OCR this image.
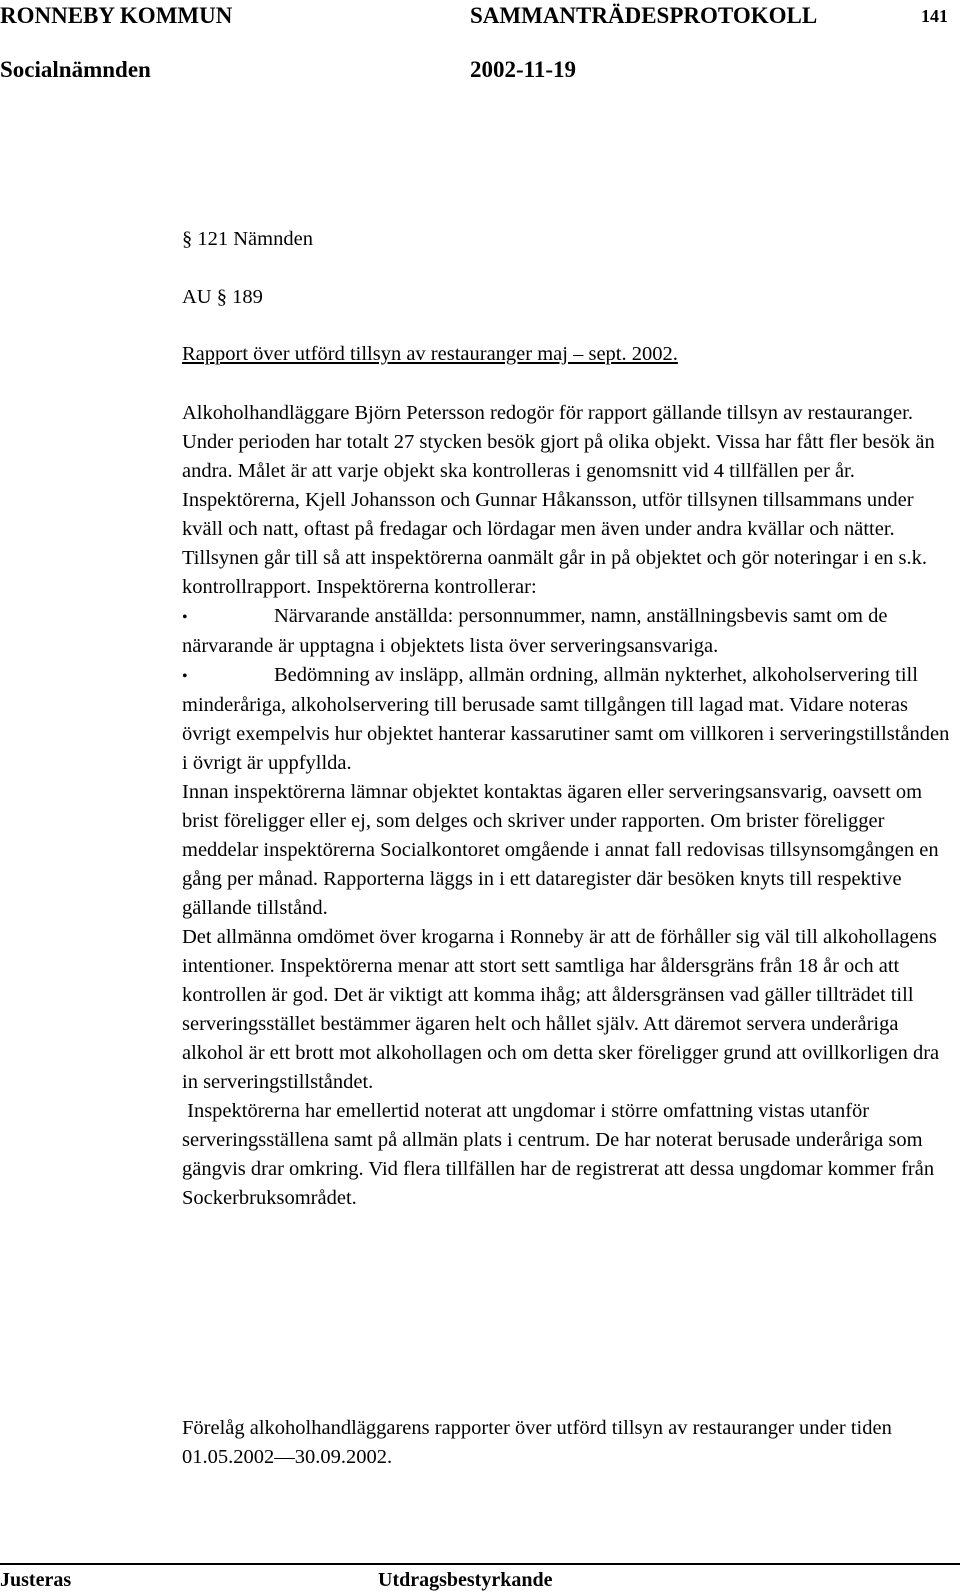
RONNEBY KOMMUN	SAMMANTRÄDESPROTOKOLL	141
Socialnämnden	2002-11-19
§ 121 Nämnden
AU § 189
Rapport över utförd tillsyn av restauranger maj – sept. 2002.

Alkoholhandläggare Björn Petersson redogör för rapport gällande tillsyn av restauranger.

Under perioden har totalt 27 stycken besök gjort på olika objekt. Vissa har fått fler besök än andra. Målet är att varje objekt ska kontrolleras i genomsnitt vid 4 tillfällen per år. Inspektörerna, Kjell Johansson och Gunnar Håkansson, utför tillsynen tillsammans under kväll och natt, oftast på fredagar och lördagar men även under andra kvällar och nätter. Tillsynen går till så att inspektörerna oanmält går in på objektet och gör noteringar i en s.k. kontrollrapport. Inspektörerna kontrollerar:

•	Närvarande anställda: personnummer, namn, anställningsbevis samt om de närvarande är upptagna i objektets lista över serveringsansvariga.

•	Bedömning av insläpp, allmän ordning, allmän nykterhet, alkoholservering till minderåriga, alkoholservering till berusade samt tillgången till lagad mat. Vidare noteras övrigt exempelvis hur objektet hanterar kassarutiner samt om villkoren i serveringstillstånden i övrigt är uppfyllda.

Innan inspektörerna lämnar objektet kontaktas ägaren eller serveringsansvarig, oavsett om brist föreligger eller ej, som delges och skriver under rapporten. Om brister föreligger meddelar inspektörerna Socialkontoret omgående i annat fall redovisas tillsynsomgången en gång per månad. Rapporterna läggs in i ett dataregister där besöken knyts till respektive gällande tillstånd.

Det allmänna omdömet över krogarna i Ronneby är att de förhåller sig väl till alkohollagens intentioner. Inspektörerna menar att stort sett samtliga har åldersgräns från 18 år och att kontrollen är god. Det är viktigt att komma ihåg; att åldersgränsen vad gäller tillträdet till serveringsstället bestämmer ägaren helt och hållet själv. Att däremot servera underåriga alkohol är ett brott mot alkohollagen och om detta sker föreligger grund att ovillkorligen dra in serveringstillståndet.

Inspektörerna har emellertid noterat att ungdomar i större omfattning vistas utanför serveringsställena samt på allmän plats i centrum. De har noterat berusade underåriga som gängvis drar omkring. Vid flera tillfällen har de registrerat att dessa ungdomar kommer från Sockerbruksområdet.

Förelåg alkoholhandläggarens rapporter över utförd tillsyn av restauranger under tiden 01.05.2002—30.09.2002.
Justeras	Utdragsbestyrkande
